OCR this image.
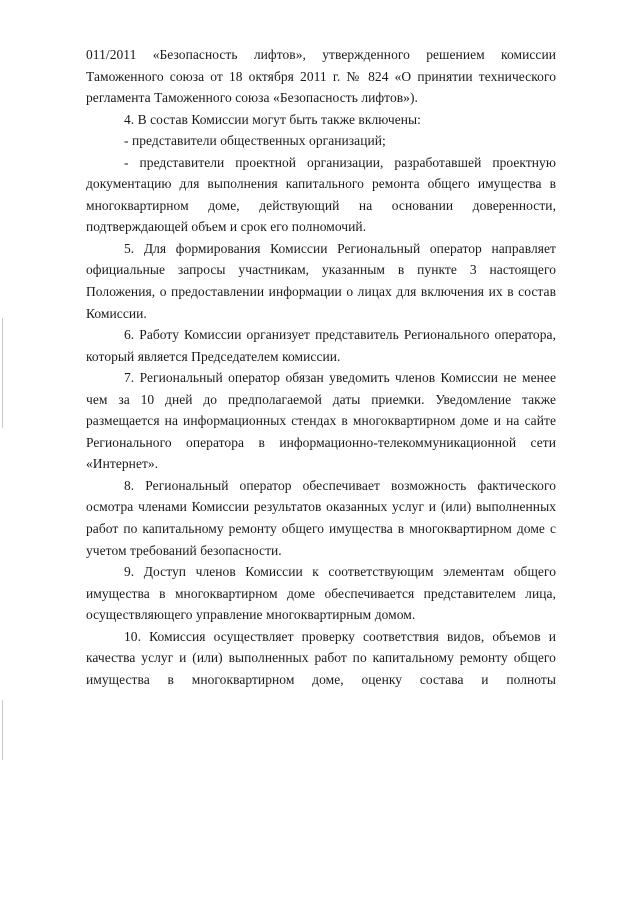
011/2011 «Безопасность лифтов», утвержденного решением комиссии Таможенного союза от 18 октября 2011 г. № 824 «О принятии технического регламента Таможенного союза «Безопасность лифтов»).

4. В состав Комиссии могут быть также включены:

- представители общественных организаций;

- представители проектной организации, разработавшей проектную документацию для выполнения капитального ремонта общего имущества в многоквартирном доме, действующий на основании доверенности, подтверждающей объем и срок его полномочий.

5. Для формирования Комиссии Региональный оператор направляет официальные запросы участникам, указанным в пункте 3 настоящего Положения, о предоставлении информации о лицах для включения их в состав Комиссии.

6. Работу Комиссии организует представитель Регионального оператора, который является Председателем комиссии.

7. Региональный оператор обязан уведомить членов Комиссии не менее чем за 10 дней до предполагаемой даты приемки. Уведомление также размещается на информационных стендах в многоквартирном доме и на сайте Регионального оператора в информационно-телекоммуникационной сети «Интернет».

8. Региональный оператор обеспечивает возможность фактического осмотра членами Комиссии результатов оказанных услуг и (или) выполненных работ по капитальному ремонту общего имущества в многоквартирном доме с учетом требований безопасности.

9. Доступ членов Комиссии к соответствующим элементам общего имущества в многоквартирном доме обеспечивается представителем лица, осуществляющего управление многоквартирным домом.

10. Комиссия осуществляет проверку соответствия видов, объемов и качества услуг и (или) выполненных работ по капитальному ремонту общего имущества в многоквартирном доме, оценку состава и полноты
